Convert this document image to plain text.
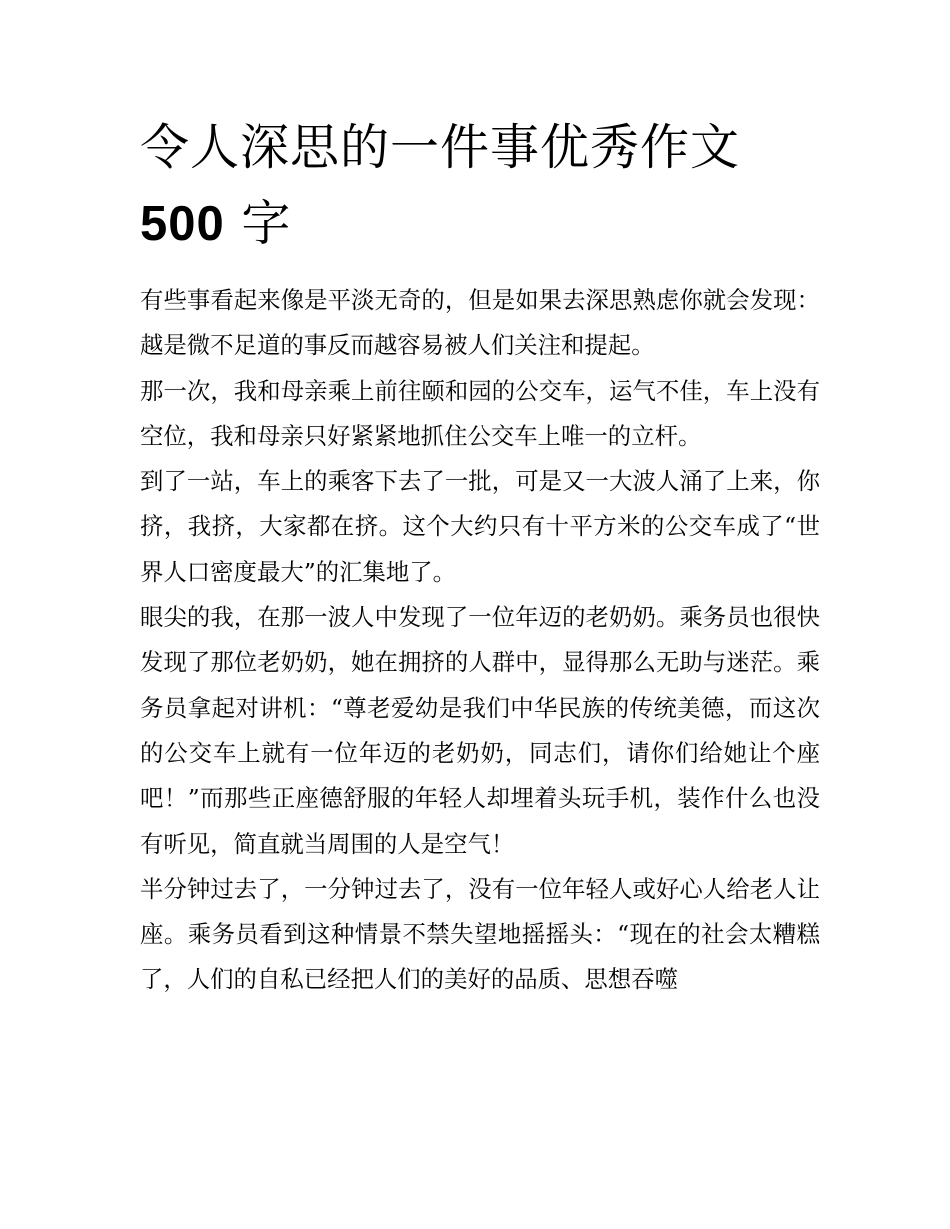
令人深思的一件事优秀作文
500 字

有些事看起来像是平淡无奇的，但是如果去深思熟虑你就会发现：越是微不足道的事反而越容易被人们关注和提起。

那一次，我和母亲乘上前往颐和园的公交车，运气不佳，车上没有空位，我和母亲只好紧紧地抓住公交车上唯一的立杆。

到了一站，车上的乘客下去了一批，可是又一大波人涌了上来，你挤，我挤，大家都在挤。这个大约只有十平方米的公交车成了“世界人口密度最大”的汇集地了。

眼尖的我，在那一波人中发现了一位年迈的老奶奶。乘务员也很快发现了那位老奶奶，她在拥挤的人群中，显得那么无助与迷茫。乘务员拿起对讲机：“尊老爱幼是我们中华民族的传统美德，而这次的公交车上就有一位年迈的老奶奶，同志们，请你们给她让个座吧！”而那些正座德舒服的年轻人却埋着头玩手机，装作什么也没有听见，简直就当周围的人是空气！

半分钟过去了，一分钟过去了，没有一位年轻人或好心人给老人让座。乘务员看到这种情景不禁失望地摇摇头：“现在的社会太糟糕了，人们的自私已经把人们的美好的品质、思想吞噬
